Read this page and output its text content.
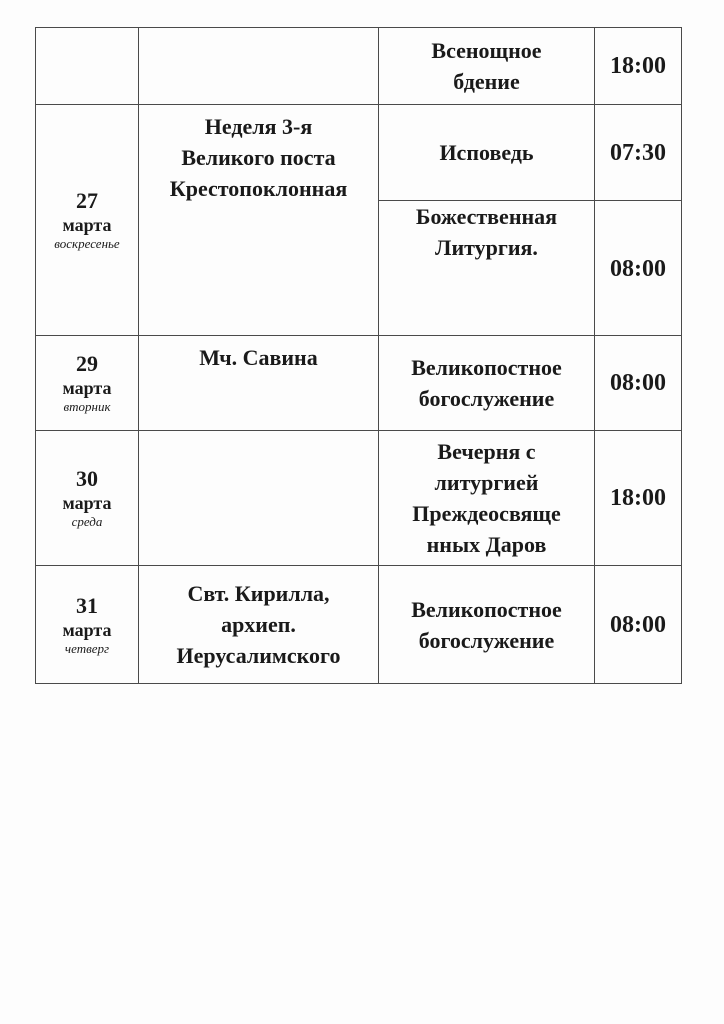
		Всенощное
бдение	18:00

27
марта
воскресенье	Неделя 3-я
Великого поста
Крестопоклонная	Исповедь	07:30

		Божественная
Литургия.	08:00

29
марта
вторник	Мч. Савина	Великопостное
богослужение	08:00

30
марта
среда		Вечерня с
литургией
Преждеосвяще
нных Даров	18:00

31
марта
четверг	Свт. Кирилла,
архиеп.
Иерусалимского	Великопостное
богослужение	08:00
